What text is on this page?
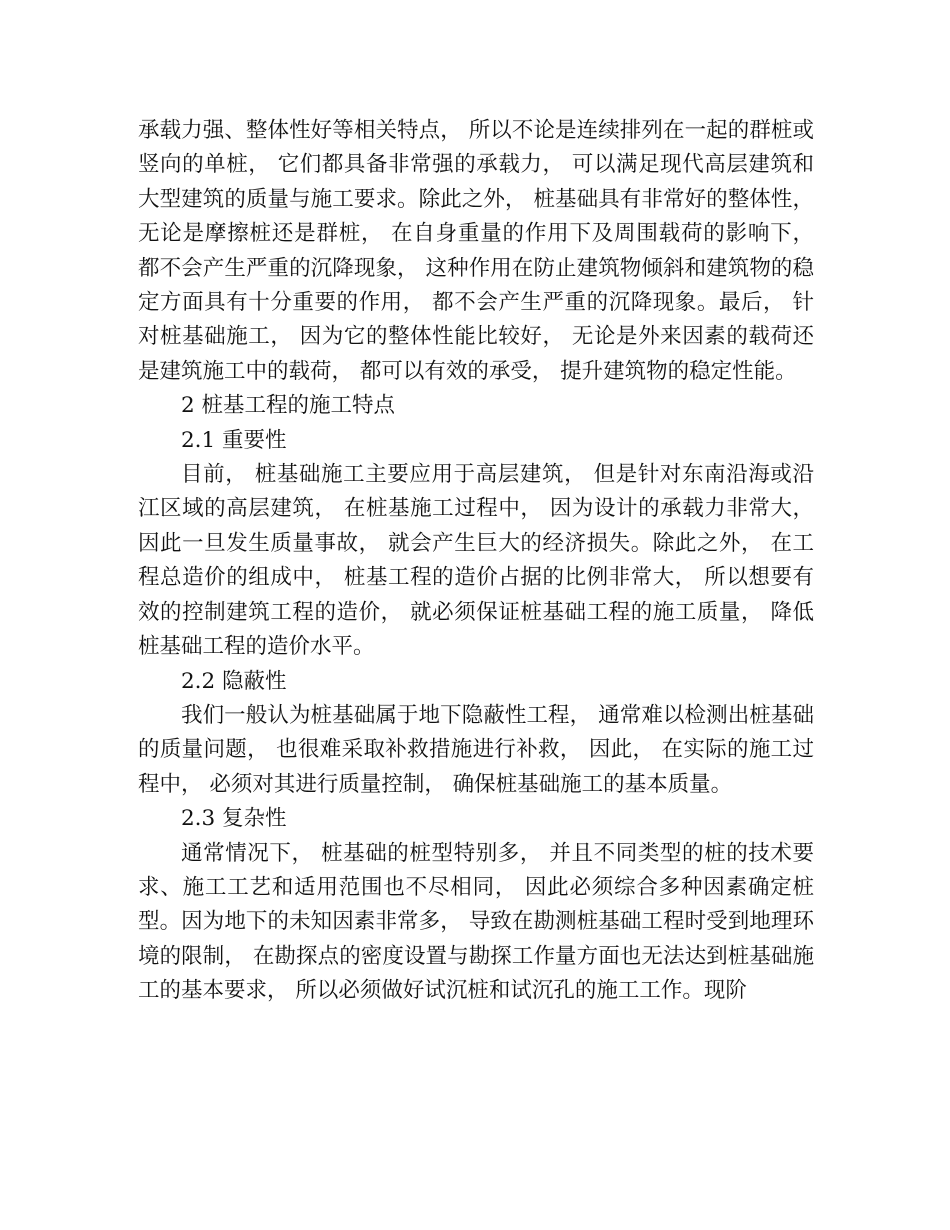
承载力强、整体性好等相关特点， 所以不论是连续排列在一起的群桩或竖向的单桩， 它们都具备非常强的承载力， 可以满足现代高层建筑和大型建筑的质量与施工要求。除此之外， 桩基础具有非常好的整体性， 无论是摩擦桩还是群桩， 在自身重量的作用下及周围载荷的影响下， 都不会产生严重的沉降现象， 这种作用在防止建筑物倾斜和建筑物的稳定方面具有十分重要的作用， 都不会产生严重的沉降现象。最后， 针对桩基础施工， 因为它的整体性能比较好， 无论是外来因素的载荷还是建筑施工中的载荷， 都可以有效的承受， 提升建筑物的稳定性能。

2 桩基工程的施工特点

2.1 重要性

目前， 桩基础施工主要应用于高层建筑， 但是针对东南沿海或沿江区域的高层建筑， 在桩基施工过程中， 因为设计的承载力非常大，因此一旦发生质量事故， 就会产生巨大的经济损失。除此之外， 在工程总造价的组成中， 桩基工程的造价占据的比例非常大， 所以想要有效的控制建筑工程的造价， 就必须保证桩基础工程的施工质量， 降低桩基础工程的造价水平。

2.2 隐蔽性

我们一般认为桩基础属于地下隐蔽性工程， 通常难以检测出桩基础的质量问题， 也很难采取补救措施进行补救， 因此， 在实际的施工过程中， 必须对其进行质量控制， 确保桩基础施工的基本质量。

2.3 复杂性

通常情况下， 桩基础的桩型特别多， 并且不同类型的桩的技术要求、施工工艺和适用范围也不尽相同， 因此必须综合多种因素确定桩型。因为地下的未知因素非常多， 导致在勘测桩基础工程时受到地理环境的限制， 在勘探点的密度设置与勘探工作量方面也无法达到桩基础施工的基本要求， 所以必须做好试沉桩和试沉孔的施工工作。现阶
